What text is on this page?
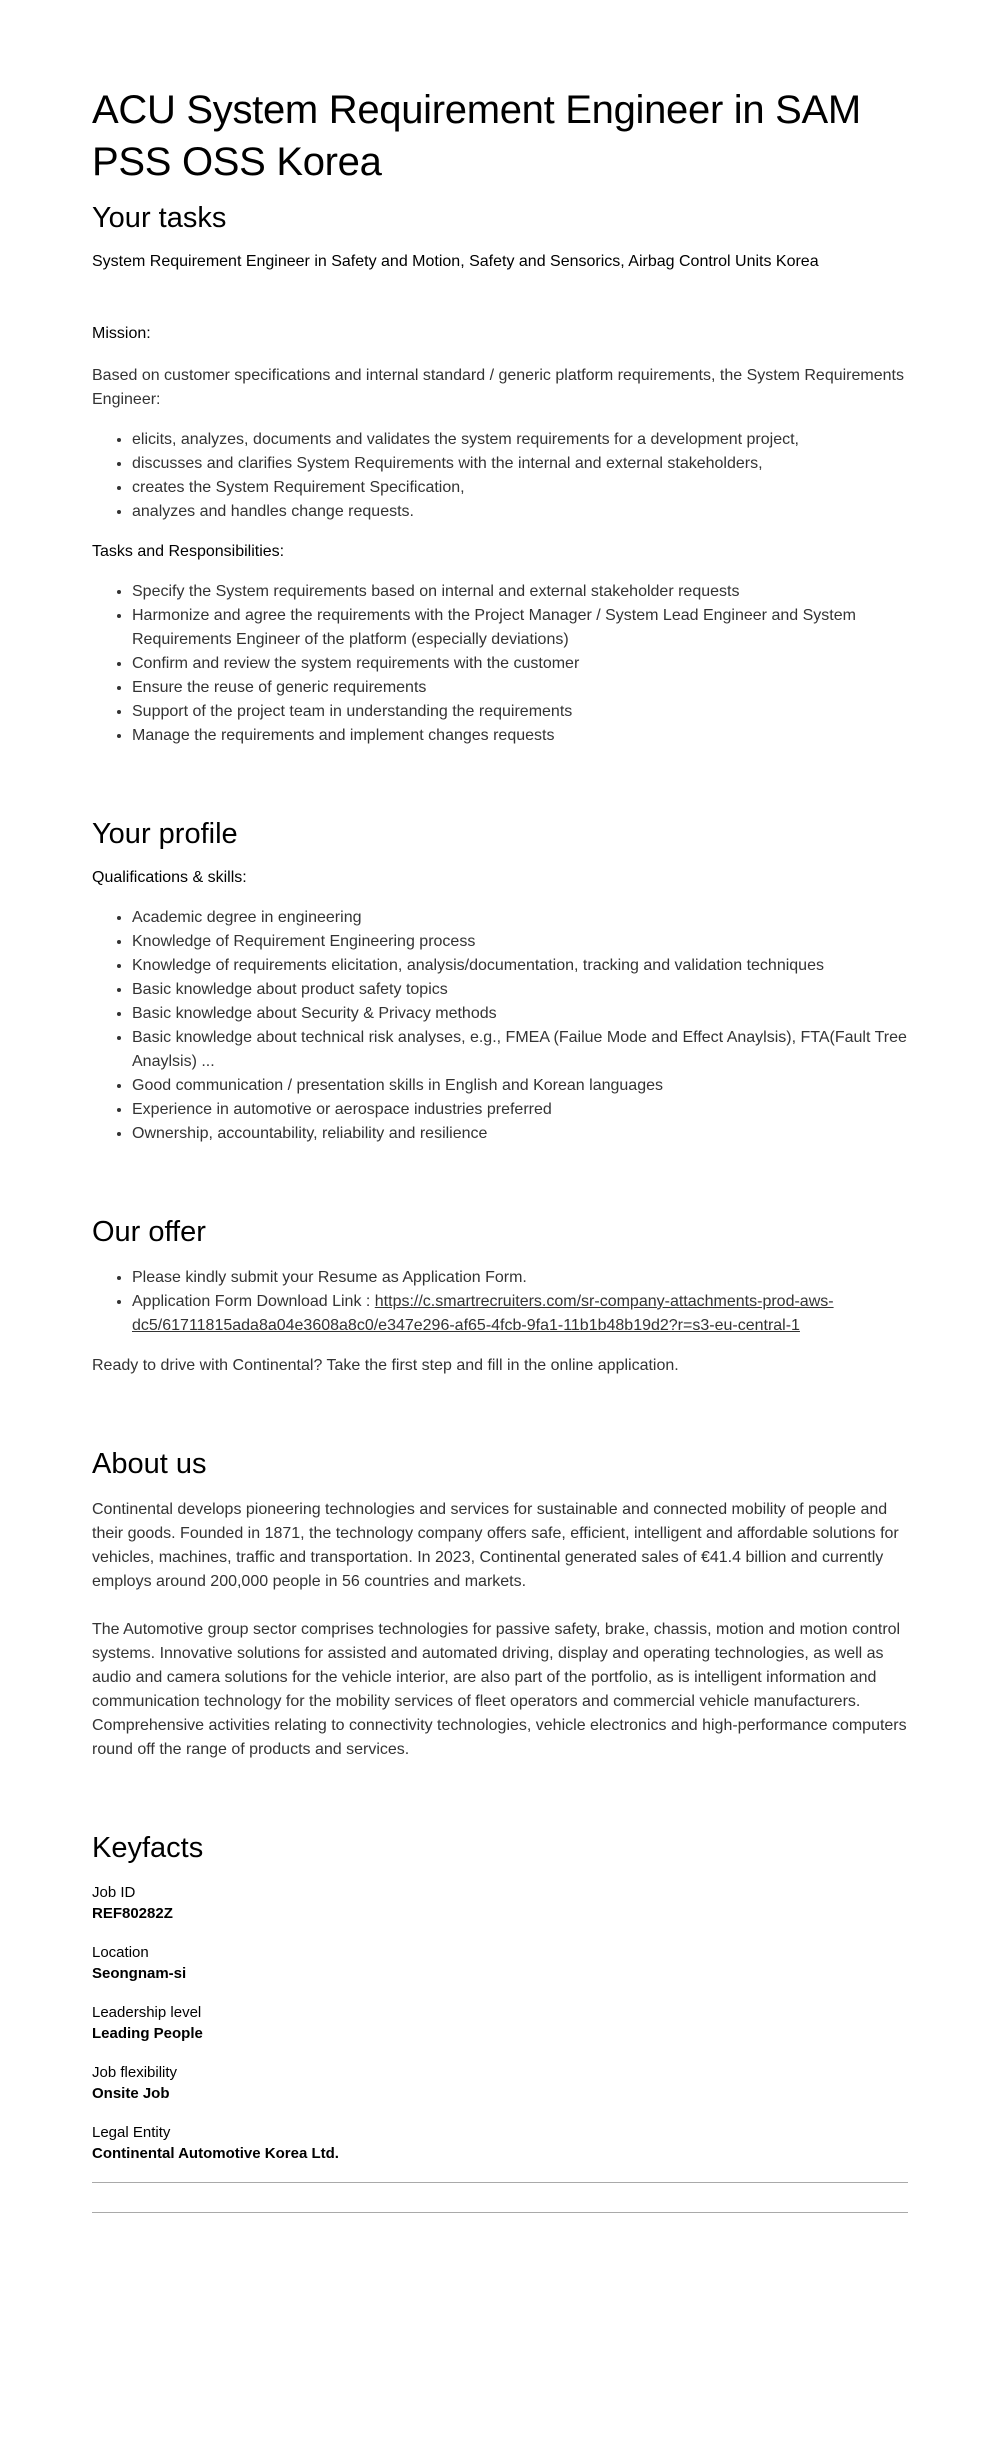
ACU System Requirement Engineer in SAM PSS OSS Korea
Your tasks

System Requirement Engineer in Safety and Motion, Safety and Sensorics, Airbag Control Units Korea

Mission:

Based on customer specifications and internal standard / generic platform requirements, the System Requirements Engineer:

• elicits, analyzes, documents and validates the system requirements for a development project,
• discusses and clarifies System Requirements with the internal and external stakeholders,
• creates the System Requirement Specification,
• analyzes and handles change requests.

Tasks and Responsibilities:

• Specify the System requirements based on internal and external stakeholder requests
• Harmonize and agree the requirements with the Project Manager / System Lead Engineer and System Requirements Engineer of the platform (especially deviations)
• Confirm and review the system requirements with the customer
• Ensure the reuse of generic requirements
• Support of the project team in understanding the requirements
• Manage the requirements and implement changes requests
Your profile

Qualifications & skills:

• Academic degree in engineering
• Knowledge of Requirement Engineering process
• Knowledge of requirements elicitation, analysis/documentation, tracking and validation techniques
• Basic knowledge about product safety topics
• Basic knowledge about Security & Privacy methods
• Basic knowledge about technical risk analyses, e.g., FMEA (Failue Mode and Effect Anaylsis), FTA(Fault Tree Anaylsis) ...
• Good communication / presentation skills in English and Korean languages
• Experience in automotive or aerospace industries preferred
• Ownership, accountability, reliability and resilience
Our offer
• Please kindly submit your Resume as Application Form.
• Application Form Download Link : https://c.smartrecruiters.com/sr-company-attachments-prod-aws-dc5/61711815ada8a04e3608a8c0/e347e296-af65-4fcb-9fa1-11b1b48b19d2?r=s3-eu-central-1

Ready to drive with Continental? Take the first step and fill in the online application.

About us

Continental develops pioneering technologies and services for sustainable and connected mobility of people and their goods. Founded in 1871, the technology company offers safe, efficient, intelligent and affordable solutions for vehicles, machines, traffic and transportation. In 2023, Continental generated sales of €41.4 billion and currently employs around 200,000 people in 56 countries and markets.

The Automotive group sector comprises technologies for passive safety, brake, chassis, motion and motion control systems. Innovative solutions for assisted and automated driving, display and operating technologies, as well as audio and camera solutions for the vehicle interior, are also part of the portfolio, as is intelligent information and communication technology for the mobility services of fleet operators and commercial vehicle manufacturers. Comprehensive activities relating to connectivity technologies, vehicle electronics and high-performance computers round off the range of products and services.

Keyfacts

Job ID

REF80282Z

Location

Seongnam-si

Leadership level

Leading People

Job flexibility

Onsite Job

Legal Entity

Continental Automotive Korea Ltd.
